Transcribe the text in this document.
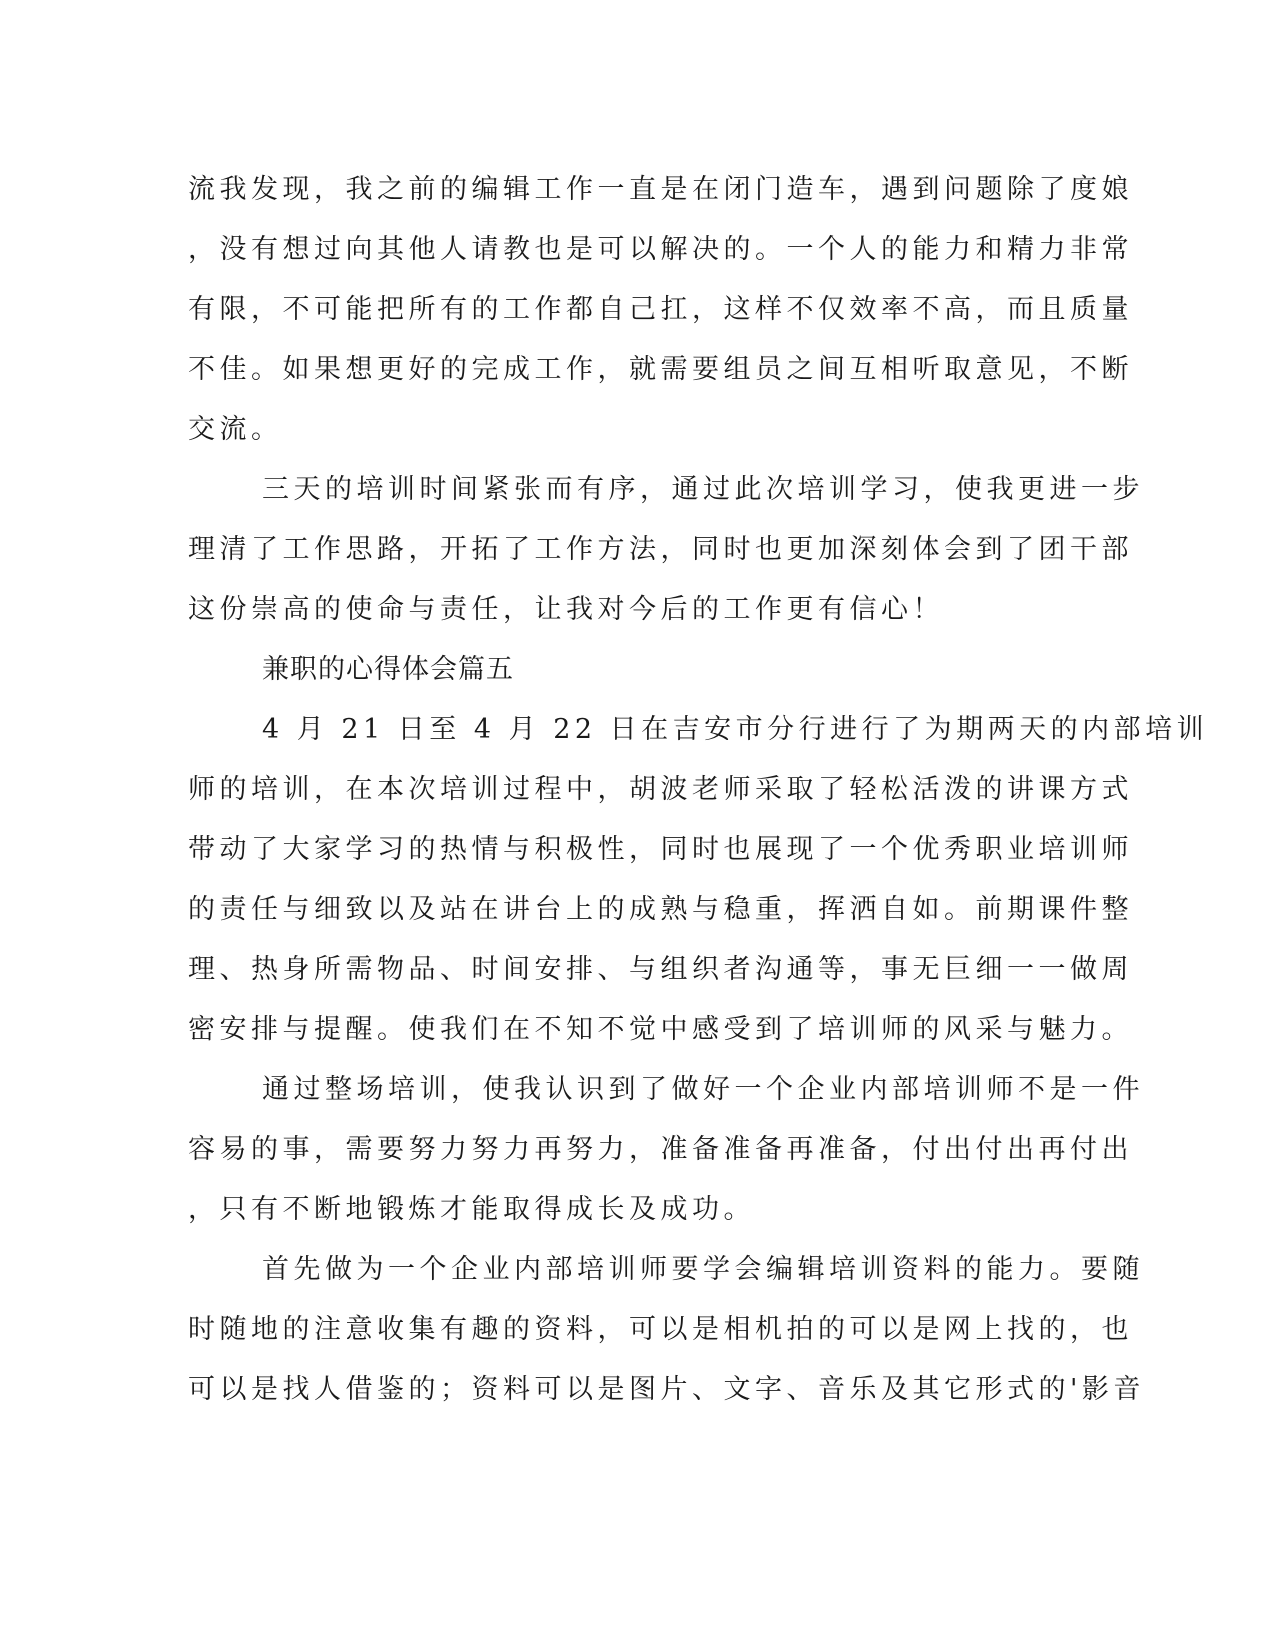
流我发现，我之前的编辑工作一直是在闭门造车，遇到问题除了度娘
，没有想过向其他人请教也是可以解决的。一个人的能力和精力非常
有限，不可能把所有的工作都自己扛，这样不仅效率不高，而且质量
不佳。如果想更好的完成工作，就需要组员之间互相听取意见，不断
交流。
三天的培训时间紧张而有序，通过此次培训学习，使我更进一步
理清了工作思路，开拓了工作方法，同时也更加深刻体会到了团干部
这份崇高的使命与责任，让我对今后的工作更有信心！
兼职的心得体会篇五
4 月 21 日至 4 月 22 日在吉安市分行进行了为期两天的内部培训
师的培训，在本次培训过程中，胡波老师采取了轻松活泼的讲课方式
带动了大家学习的热情与积极性，同时也展现了一个优秀职业培训师
的责任与细致以及站在讲台上的成熟与稳重，挥洒自如。前期课件整
理、热身所需物品、时间安排、与组织者沟通等，事无巨细一一做周
密安排与提醒。使我们在不知不觉中感受到了培训师的风采与魅力。
通过整场培训，使我认识到了做好一个企业内部培训师不是一件
容易的事，需要努力努力再努力，准备准备再准备，付出付出再付出
，只有不断地锻炼才能取得成长及成功。
首先做为一个企业内部培训师要学会编辑培训资料的能力。要随
时随地的注意收集有趣的资料，可以是相机拍的可以是网上找的，也
可以是找人借鉴的；资料可以是图片、文字、音乐及其它形式的'影音
